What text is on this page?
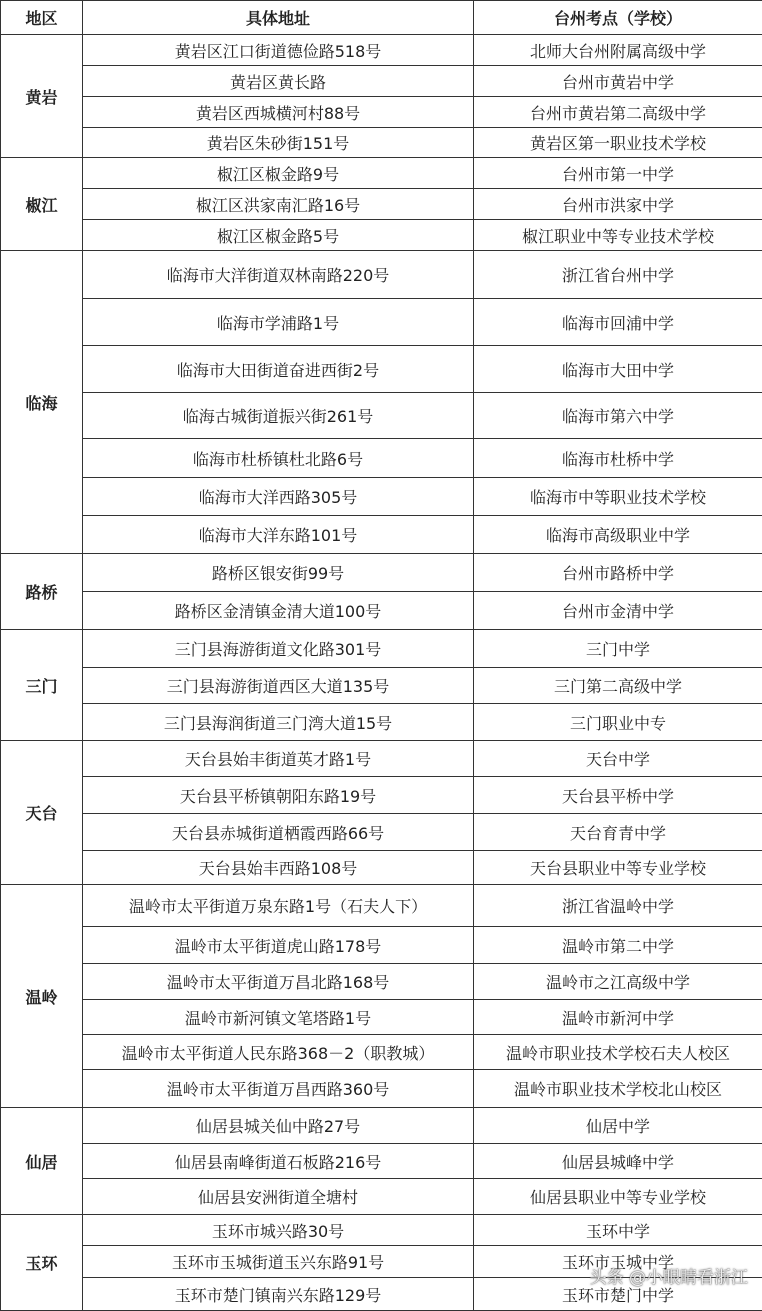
地区	具体地址	台州考点（学校）
黄岩	黄岩区江口街道德俭路518号	北师大台州附属高级中学
	黄岩区黄长路	台州市黄岩中学
	黄岩区西城横河村88号	台州市黄岩第二高级中学
	黄岩区朱砂街151号	黄岩区第一职业技术学校
椒江	椒江区椒金路9号	台州市第一中学
	椒江区洪家南汇路16号	台州市洪家中学
	椒江区椒金路5号	椒江职业中等专业技术学校
临海	临海市大洋街道双林南路220号	浙江省台州中学
	临海市学浦路1号	临海市回浦中学
	临海市大田街道奋进西街2号	临海市大田中学
	临海古城街道振兴街261号	临海市第六中学
	临海市杜桥镇杜北路6号	临海市杜桥中学
	临海市大洋西路305号	临海市中等职业技术学校
	临海市大洋东路101号	临海市高级职业中学
路桥	路桥区银安街99号	台州市路桥中学
	路桥区金清镇金清大道100号	台州市金清中学
三门	三门县海游街道文化路301号	三门中学
	三门县海游街道西区大道135号	三门第二高级中学
	三门县海润街道三门湾大道15号	三门职业中专
天台	天台县始丰街道英才路1号	天台中学
	天台县平桥镇朝阳东路19号	天台县平桥中学
	天台县赤城街道栖霞西路66号	天台育青中学
	天台县始丰西路108号	天台县职业中等专业学校
温岭	温岭市太平街道万泉东路1号（石夫人下）	浙江省温岭中学
	温岭市太平街道虎山路178号	温岭市第二中学
	温岭市太平街道万昌北路168号	温岭市之江高级中学
	温岭市新河镇文笔塔路1号	温岭市新河中学
	温岭市太平街道人民东路368－2（职教城）	温岭市职业技术学校石夫人校区
	温岭市太平街道万昌西路360号	温岭市职业技术学校北山校区
仙居	仙居县城关仙中路27号	仙居中学
	仙居县南峰街道石板路216号	仙居县城峰中学
	仙居县安洲街道全塘村	仙居县职业中等专业学校
玉环	玉环市城兴路30号	玉环中学
	玉环市玉城街道玉兴东路91号	玉环市玉城中学
	玉环市楚门镇南兴东路129号	玉环市楚门中学
头条 @小眼睛看浙江
